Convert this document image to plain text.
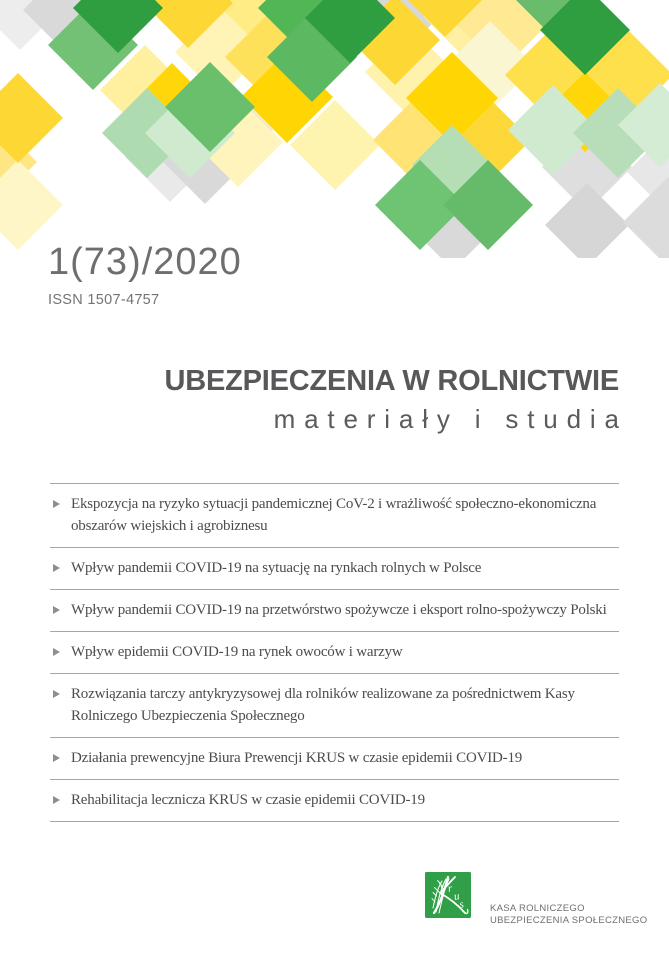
1(73)/2020
ISSN 1507-4757
UBEZPIECZENIA W ROLNICTWIE
materiały i studia
Ekspozycja na ryzyko sytuacji pandemicznej CoV-2 i wrażliwość społeczno-ekonomiczna
obszarów wiejskich i agrobiznesu
Wpływ pandemii COVID-19 na sytuację na rynkach rolnych w Polsce
Wpływ pandemii COVID-19 na przetwórstwo spożywcze i eksport rolno-spożywczy Polski
Wpływ epidemii COVID-19 na rynek owoców i warzyw
Rozwiązania tarczy antykryzysowej dla rolników realizowane za pośrednictwem Kasy
Rolniczego Ubezpieczenia Społecznego
Działania prewencyjne Biura Prewencji KRUS w czasie epidemii COVID-19
Rehabilitacja lecznicza KRUS w czasie epidemii COVID-19
r
u
s	KASA ROLNICZEGO
UBEZPIECZENIA SPOŁECZNEGO
